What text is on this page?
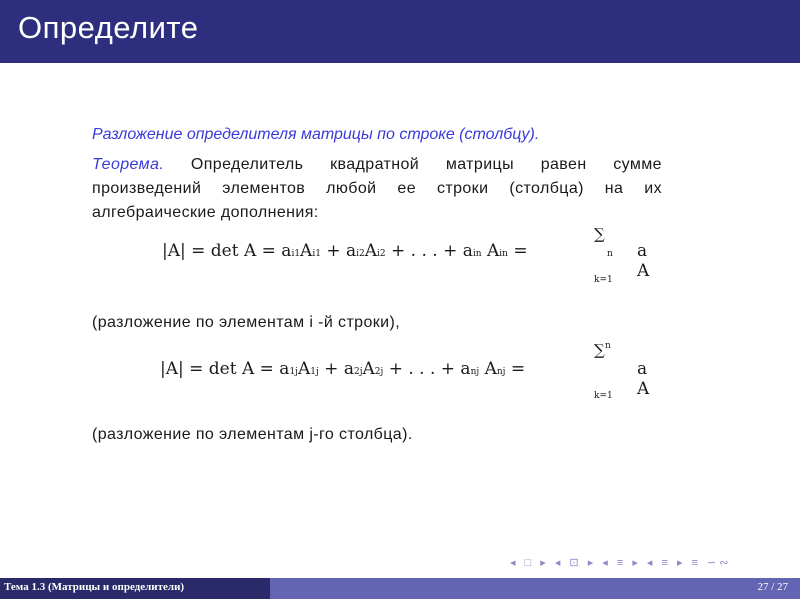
Определите
Разложение определителя матрицы по строке (столбцу).
Теорема. Определитель квадратной матрицы равен сумме произведений элементов любой ее строки (столбца) на их алгебраические дополнения:
|A| = det A = ai1Ai1 + ai2Ai2 + . . . + ain Ain =
∑
n
k=1
a A
(разложение по элементам i -й строки),
|A| = det A = a1jA1j + a2jA2j + . . . + anj Anj =
∑ n
k=1
a A
(разложение по элементам j-го столбца).
◂ □ ▸ ◂ ⊡ ▸ ◂ ≡ ▸ ◂ ≡ ▸ ≡ ∽∾
Тема 1.3 (Матрицы и определители)	27 / 27
